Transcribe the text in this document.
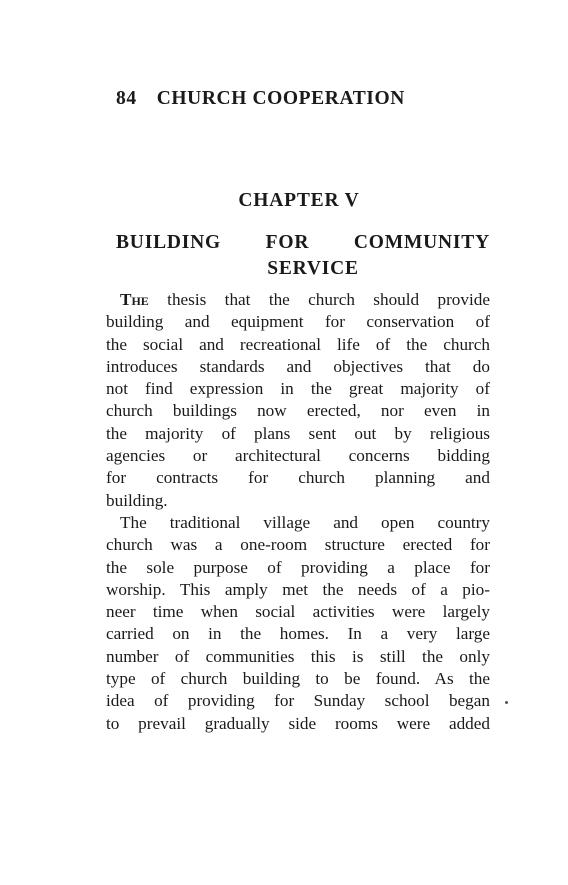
84 CHURCH COOPERATION
CHAPTER V
BUILDING FOR COMMUNITY
SERVICE
The thesis that the church should provide
building and equipment for conservation of
the social and recreational life of the church
introduces standards and objectives that do
not find expression in the great majority of
church buildings now erected, nor even in
the majority of plans sent out by religious
agencies or architectural concerns bidding
for contracts for church planning and
building.
The traditional village and open country
church was a one-room structure erected for
the sole purpose of providing a place for
worship. This amply met the needs of a pio-
neer time when social activities were largely
carried on in the homes. In a very large
number of communities this is still the only
type of church building to be found. As the
idea of providing for Sunday school began
to prevail gradually side rooms were added
